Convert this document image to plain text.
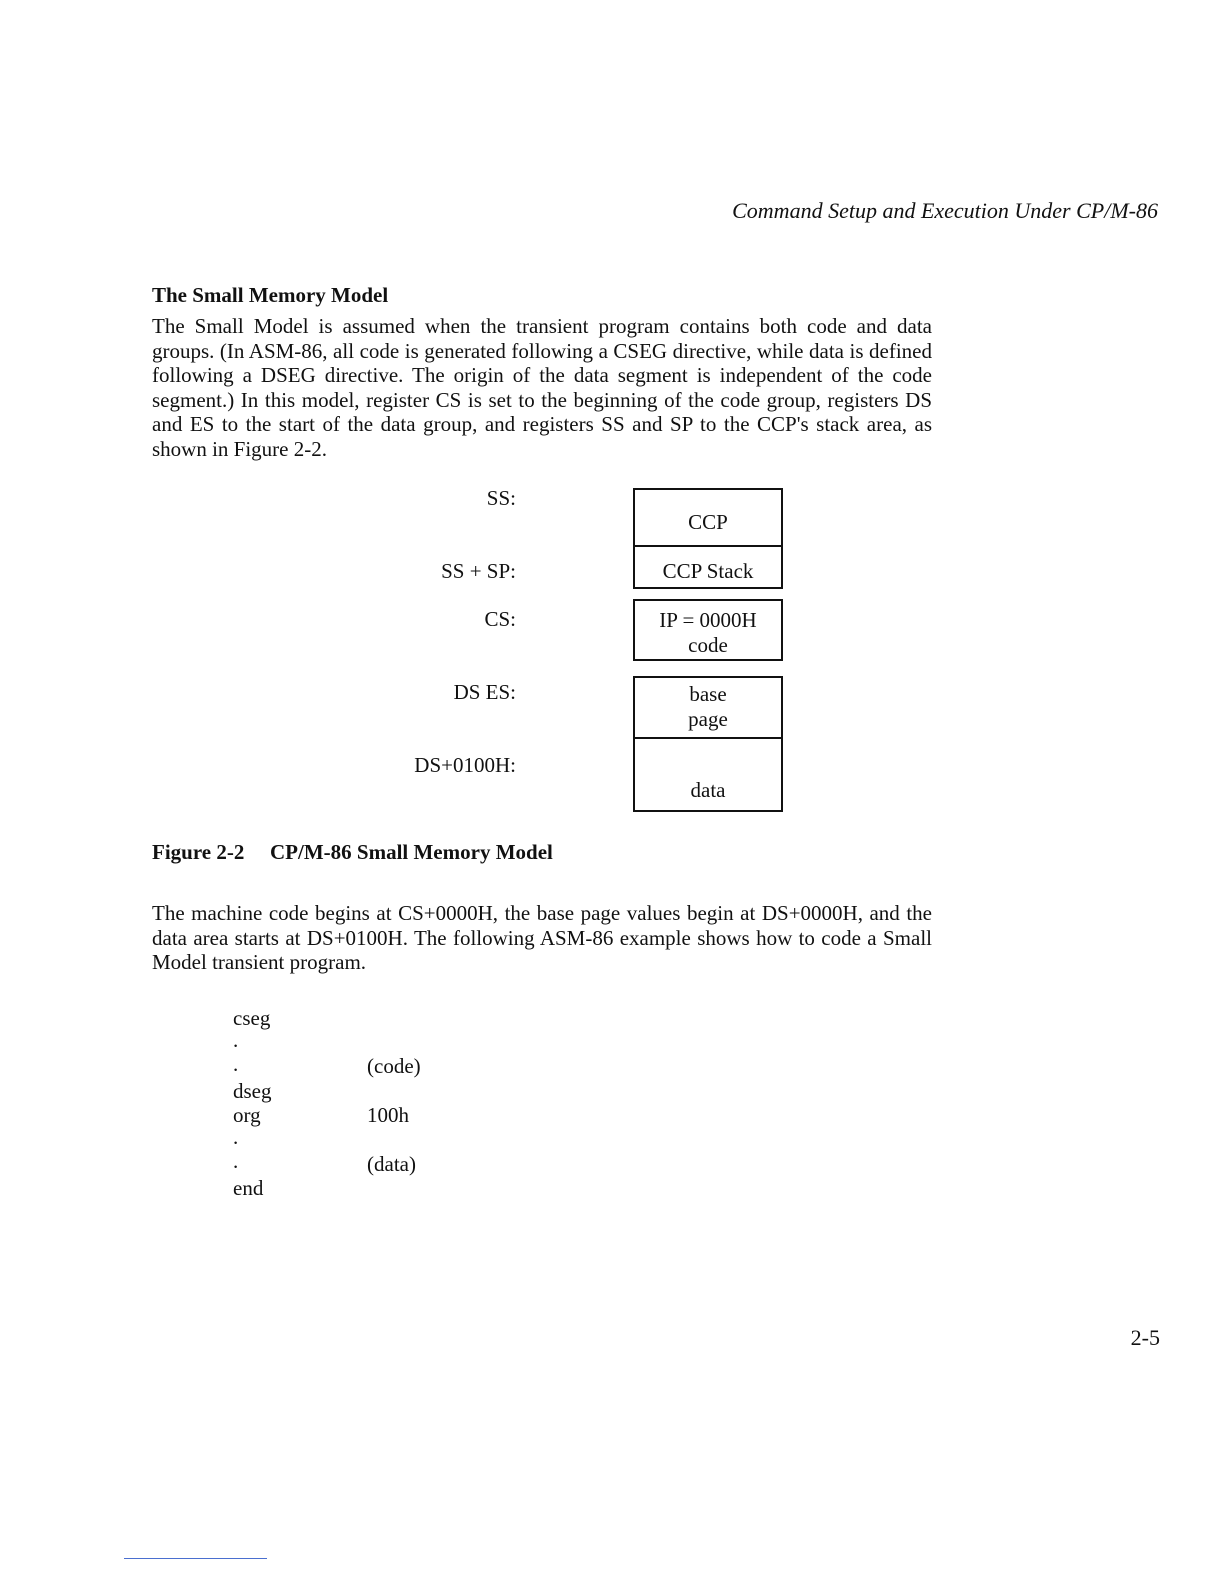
Command Setup and Execution Under CP/M-86
The Small Memory Model

The Small Model is assumed when the transient program contains both code and data groups. (In ASM-86, all code is generated following a CSEG directive, while data is defined following a DSEG directive. The origin of the data segment is independent of the code segment.) In this model, register CS is set to the beginning of the code group, registers DS and ES to the start of the data group, and registers SS and SP to the CCP's stack area, as shown in Figure 2-2.

SS:
SS + SP:
CS:
DS ES:
DS+0100H:
CCP
CCP Stack
IP = 0000H
code
base
page
data
Figure 2-2 CP/M-86 Small Memory Model

The machine code begins at CS+0000H, the base page values begin at DS+0000H, and the data area starts at DS+0100H. The following ASM-86 example shows how to code a Small Model transient program.

cseg
.
.	(code)
dseg
org	100h
.
.	(data)
end
2-5
